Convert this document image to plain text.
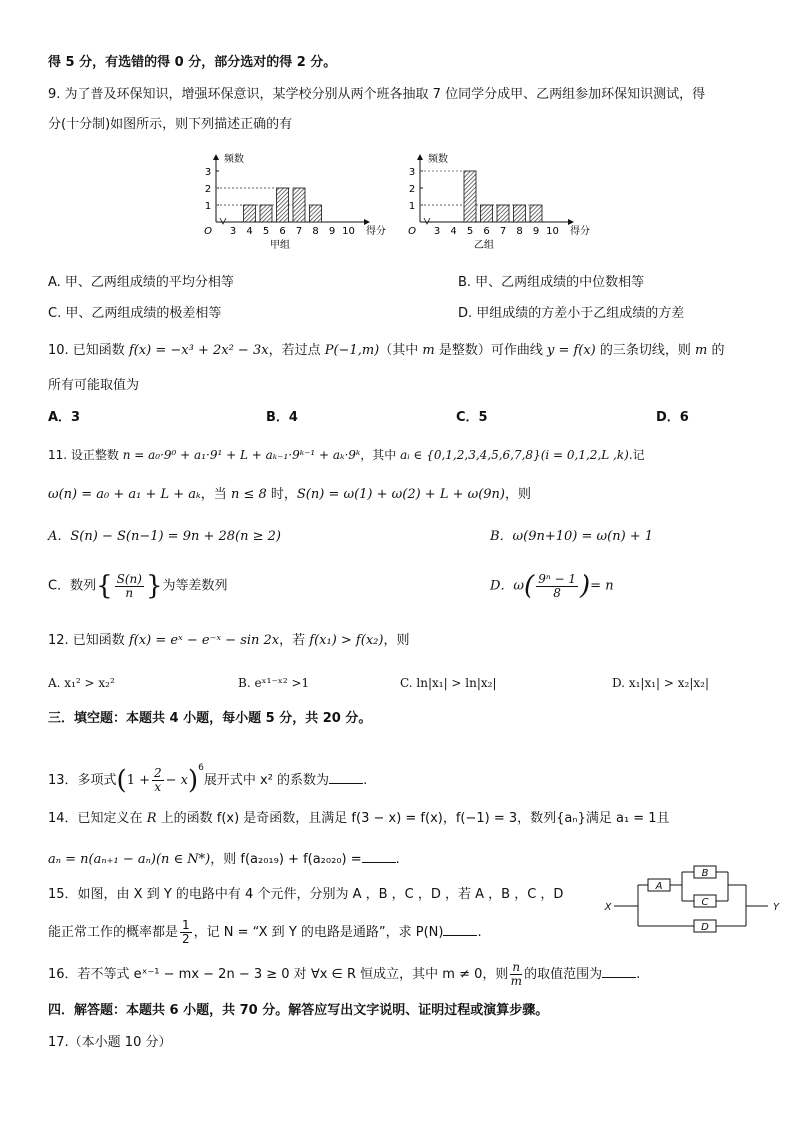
得 5 分，有选错的得 0 分，部分选对的得 2 分。
9. 为了普及环保知识，增强环保意识，某学校分别从两个班各抽取 7 位同学分成甲、乙两组参加环保知识测试，得
分(十分制)如图所示，则下列描述正确的有
1
2
3
3 4 5 6 7 8 9 10
O
频数
得分
甲组
1
2
3
3 4 5 6 7 8 9 10
O
频数
得分
乙组
A. 甲、乙两组成绩的平均分相等	B. 甲、乙两组成绩的中位数相等
C. 甲、乙两组成绩的极差相等	D. 甲组成绩的方差小于乙组成绩的方差
10. 已知函数 f(x) = −x³ + 2x² − 3x，若过点 P(−1,m)（其中 m 是整数）可作曲线 y = f(x) 的三条切线，则 m 的
所有可能取值为
A．3	B．4	C．5	D．6
11. 设正整数 n = a₀·9⁰ + a₁·9¹ + L + aₖ₋₁·9ᵏ⁻¹ + aₖ·9ᵏ，其中 aᵢ ∈ {0,1,2,3,4,5,6,7,8}(i = 0,1,2,L ,k).记
ω(n) = a₀ + a₁ + L + aₖ，当 n ≤ 8 时，S(n) = ω(1) + ω(2) + L + ω(9n)，则
A．S(n) − S(n−1) = 9n + 28(n ≥ 2)	B．ω(9n+10) = ω(n) + 1
C．数列{ $\frac{S(n)}{n}$ }为等差数列	D．$\omega( \frac{\text{9ⁿ − 1}}{8}$ )= n
12. 已知函数 f(x) = eˣ − e⁻ˣ − sin 2x，若 f(x₁) > f(x₂)，则
A. x₁² > x₂²	B. eˣ¹⁻ˣ² >1	C. ln|x₁| > ln|x₂|	D. x₁|x₁| > x₂|x₂|
三．填空题：本题共 4 小题，每小题 5 分，共 20 分。
13．多项式$(1 + \frac{2}{x} - x)^6$展开式中 x² 的系数为	.
14．已知定义在 R 上的函数 f(x) 是奇函数，且满足 f(3 − x) = f(x)，f(−1) = 3，数列{aₙ}满足 a₁ = 1且
aₙ = n(aₙ₊₁ − aₙ)(n ∈ N*)，则 f(a₂₀₁₉) + f(a₂₀₂₀) =	.
15．如图，由 X 到 Y 的电路中有 4 个元件，分别为 A ，B ，C ，D ，若 A ，B ，C ，D
能正常工作的概率都是 $\frac{1}{2}$ ，记 N = “X 到 Y 的电路是通路”，求 P(N)	.
X	Y
A
B
C
D
16．若不等式 eˣ⁻¹ − mx − 2n − 3 ≥ 0 对 ∀x ∈ R 恒成立，其中 m ≠ 0，则 $\frac{n}{m}$ 的取值范围为	.
四．解答题：本题共 6 小题，共 70 分。解答应写出文字说明、证明过程或演算步骤。
17.（本小题 10 分）
